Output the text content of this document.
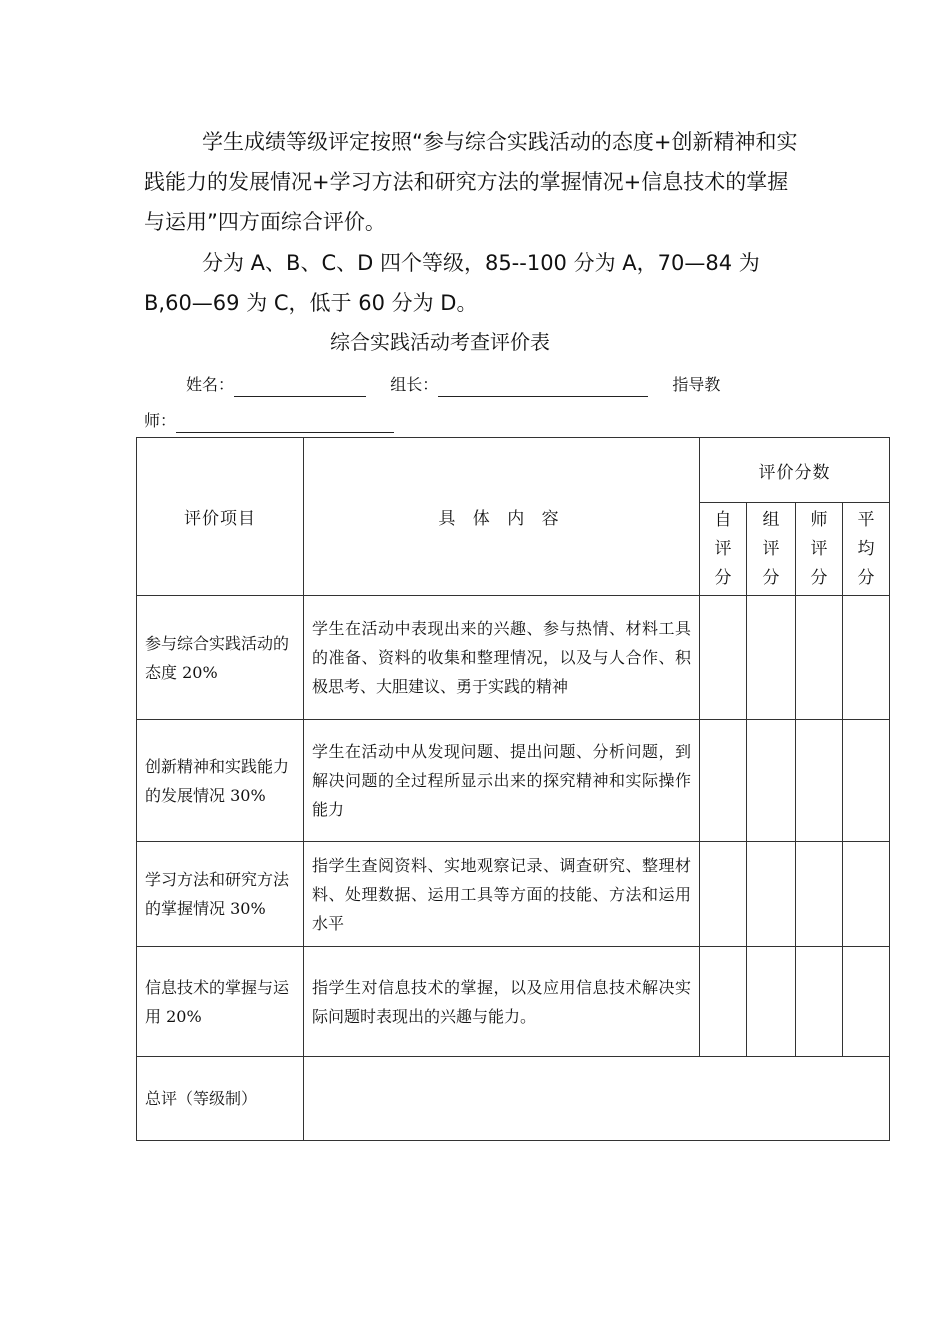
学生成绩等级评定按照“参与综合实践活动的态度+创新精神和实践能力的发展情况+学习方法和研究方法的掌握情况+信息技术的掌握与运用”四方面综合评价。

分为 A、B、C、D 四个等级，85--100 分为 A，70—84 为 B,60—69 为 C，低于 60 分为 D。

综合实践活动考查评价表
姓名：	组长：	指导教
师：
评价项目	具 体 内 容	评价分数			

		自评分	组评分	师评分	平均分

参与综合实践活动的态度 20%	学生在活动中表现出来的兴趣、参与热情、材料工具的准备、资料的收集和整理情况，以及与人合作、积极思考、大胆建议、勇于实践的精神				
创新精神和实践能力的发展情况 30%	学生在活动中从发现问题、提出问题、分析问题，到解决问题的全过程所显示出来的探究精神和实际操作能力				
学习方法和研究方法的掌握情况 30%	指学生查阅资料、实地观察记录、调查研究、整理材料、处理数据、运用工具等方面的技能、方法和运用水平				
信息技术的掌握与运用 20%	指学生对信息技术的掌握，以及应用信息技术解决实际问题时表现出的兴趣与能力。				
总评（等级制）					
